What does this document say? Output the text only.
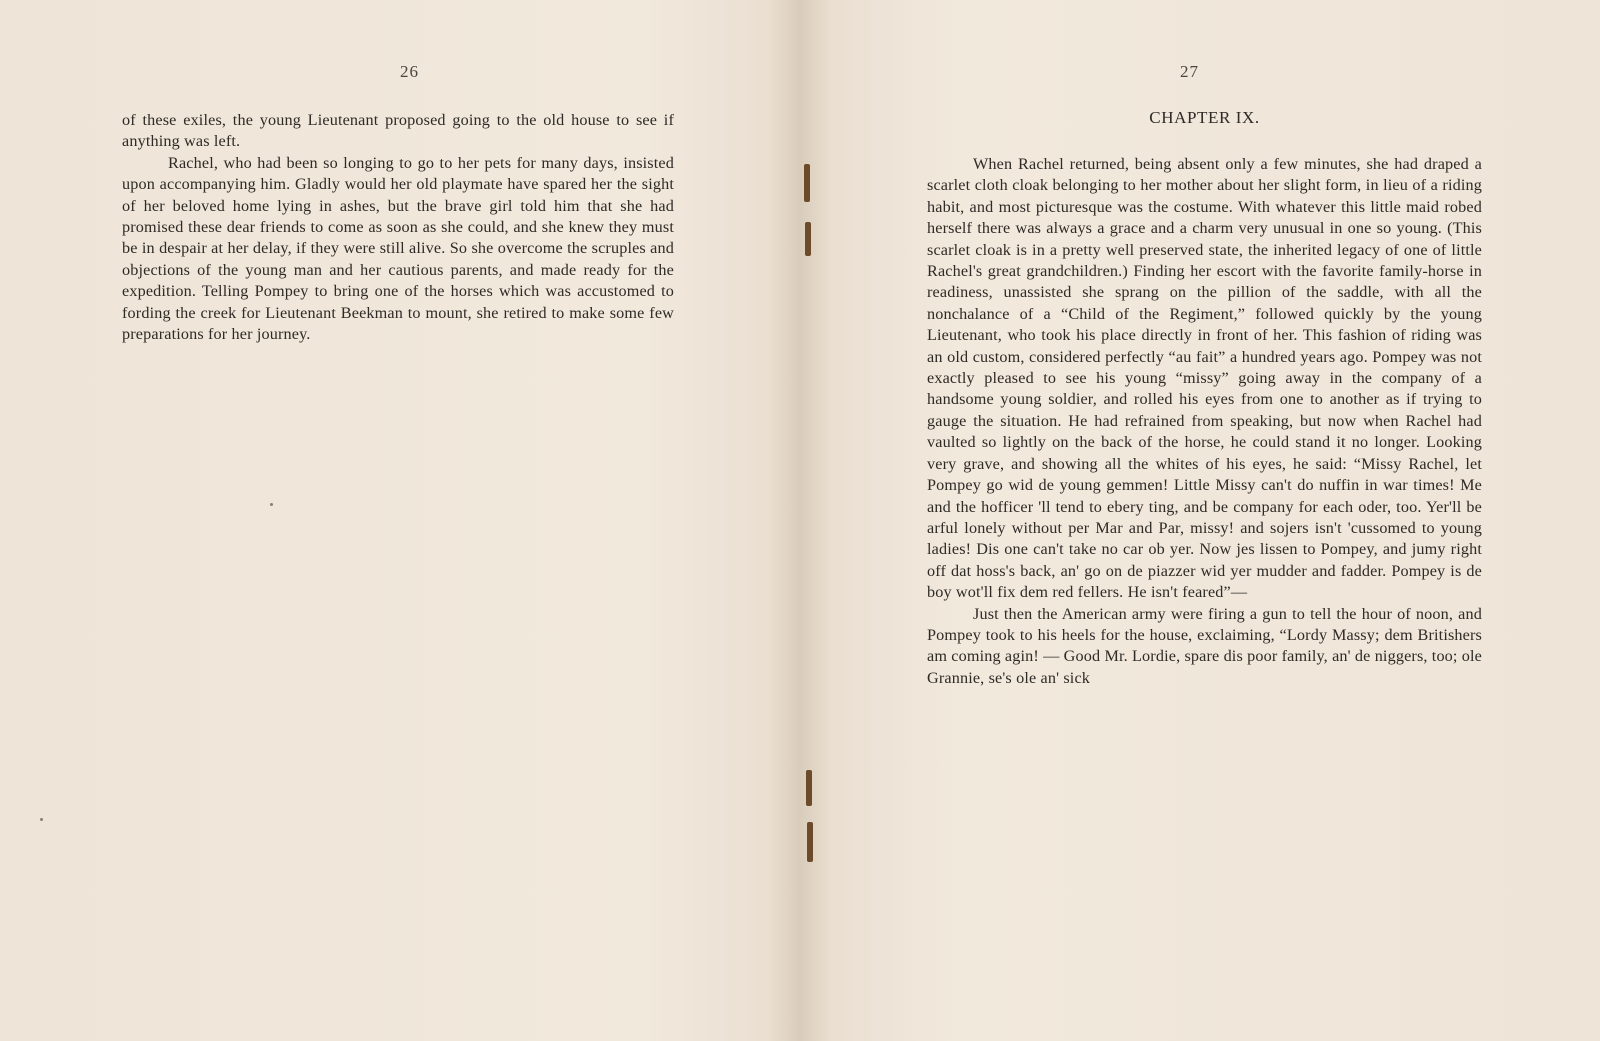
26

of these exiles, the young Lieutenant proposed going to the old house to see if anything was left.

Rachel, who had been so longing to go to her pets for many days, insisted upon accompanying him. Gladly would her old playmate have spared her the sight of her beloved home lying in ashes, but the brave girl told him that she had promised these dear friends to come as soon as she could, and she knew they must be in despair at her delay, if they were still alive. So she overcome the scruples and objections of the young man and her cautious parents, and made ready for the expedition. Telling Pompey to bring one of the horses which was accustomed to fording the creek for Lieutenant Beekman to mount, she retired to make some few preparations for her journey.

27
CHAPTER IX.

When Rachel returned, being absent only a few minutes, she had draped a scarlet cloth cloak belonging to her mother about her slight form, in lieu of a riding habit, and most picturesque was the costume. With whatever this little maid robed herself there was always a grace and a charm very unusual in one so young. (This scarlet cloak is in a pretty well preserved state, the inherited legacy of one of little Rachel's great grandchildren.) Finding her escort with the favorite family-horse in readiness, unassisted she sprang on the pillion of the saddle, with all the nonchalance of a “Child of the Regiment,” followed quickly by the young Lieutenant, who took his place directly in front of her. This fashion of riding was an old custom, considered perfectly “au fait” a hundred years ago. Pompey was not exactly pleased to see his young “missy” going away in the company of a handsome young soldier, and rolled his eyes from one to another as if trying to gauge the situation. He had refrained from speaking, but now when Rachel had vaulted so lightly on the back of the horse, he could stand it no longer. Looking very grave, and showing all the whites of his eyes, he said: “Missy Rachel, let Pompey go wid de young gemmen! Little Missy can't do nuffin in war times! Me and the hofficer 'll tend to ebery ting, and be company for each oder, too. Yer'll be arful lonely without per Mar and Par, missy! and sojers isn't 'cussomed to young ladies! Dis one can't take no car ob yer. Now jes lissen to Pompey, and jumy right off dat hoss's back, an' go on de piazzer wid yer mudder and fadder. Pompey is de boy wot'll fix dem red fellers. He isn't feared”—

Just then the American army were firing a gun to tell the hour of noon, and Pompey took to his heels for the house, exclaiming, “Lordy Massy; dem Britishers am coming agin! — Good Mr. Lordie, spare dis poor family, an' de niggers, too; ole Grannie, se's ole an' sick
